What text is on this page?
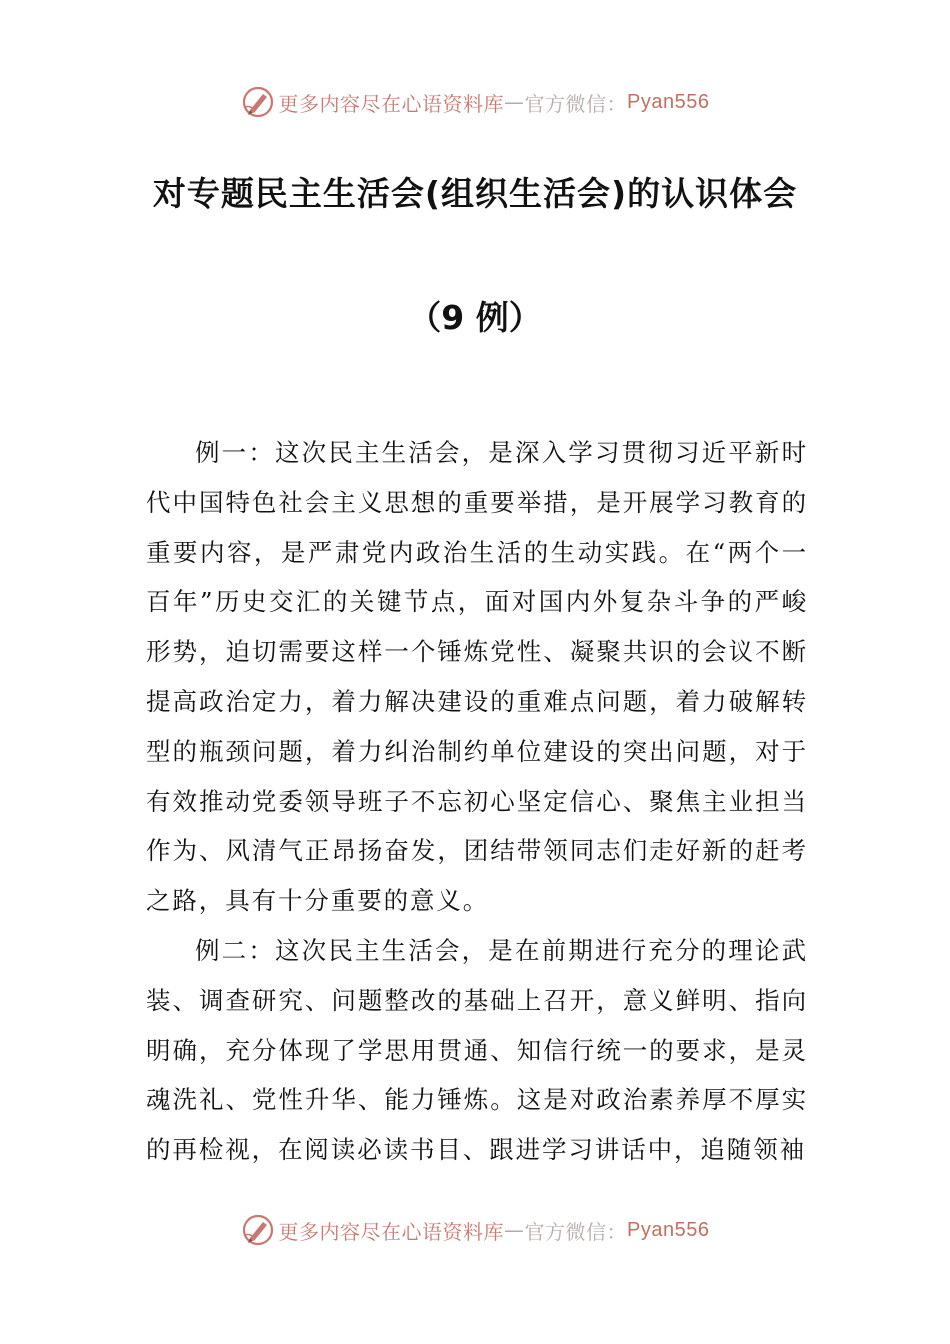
更多内容尽在心语资料库 — 官方微信： Pyan556
对专题民主生活会(组织生活会)的认识体会
（9 例）

例一：这次民主生活会，是深入学习贯彻习近平新时代中国特色社会主义思想的重要举措，是开展学习教育的重要内容，是严肃党内政治生活的生动实践。在“两个一百年”历史交汇的关键节点，面对国内外复杂斗争的严峻形势，迫切需要这样一个锤炼党性、凝聚共识的会议不断提高政治定力，着力解决建设的重难点问题，着力破解转型的瓶颈问题，着力纠治制约单位建设的突出问题，对于有效推动党委领导班子不忘初心坚定信心、聚焦主业担当作为、风清气正昂扬奋发，团结带领同志们走好新的赶考之路，具有十分重要的意义。

例二：这次民主生活会，是在前期进行充分的理论武装、调查研究、问题整改的基础上召开，意义鲜明、指向明确，充分体现了学思用贯通、知信行统一的要求，是灵魂洗礼、党性升华、能力锤炼。这是对政治素养厚不厚实的再检视，在阅读必读书目、跟进学习讲话中，追随领袖

更多内容尽在心语资料库 — 官方微信： Pyan556
